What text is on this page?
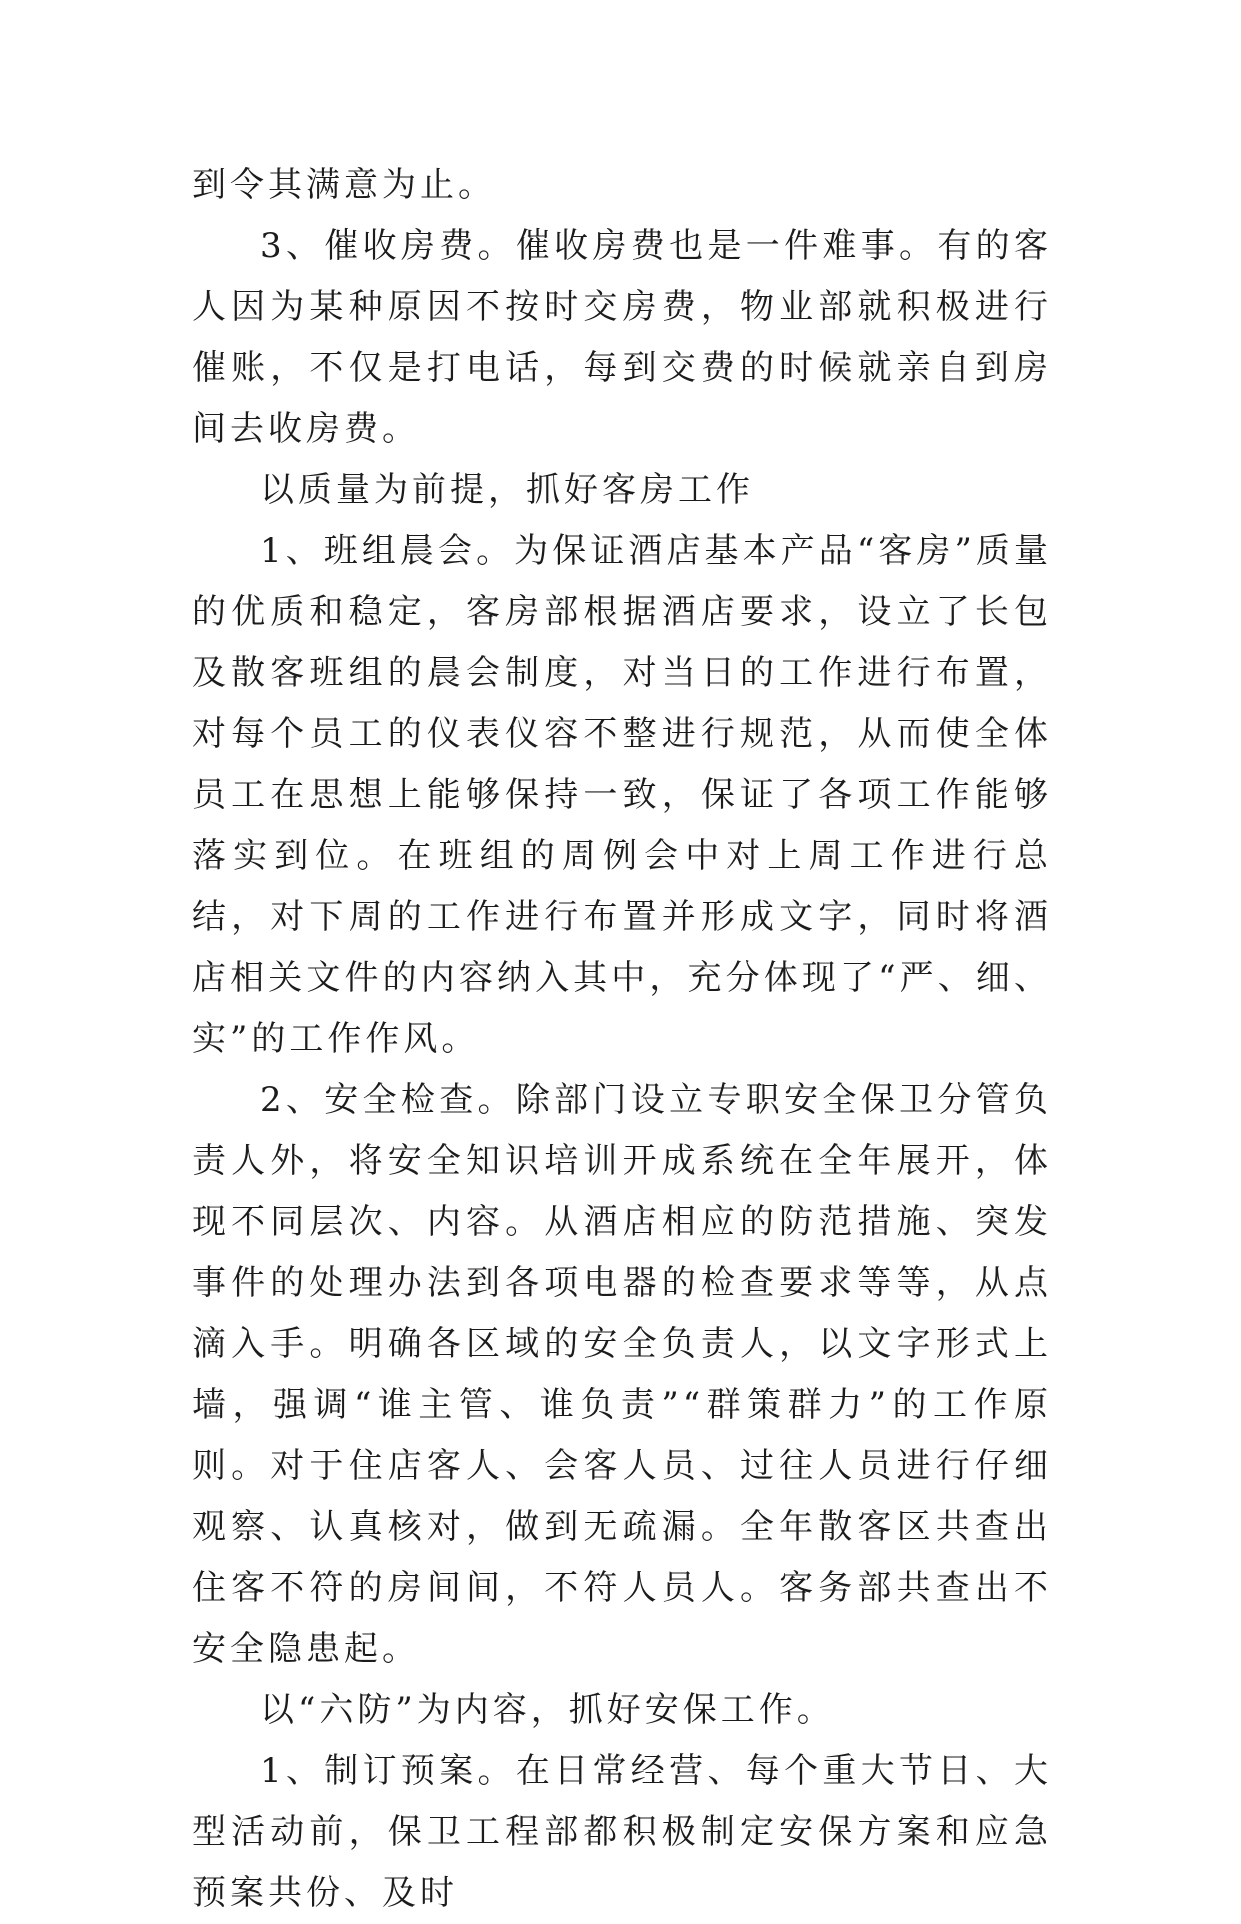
到令其满意为止。

3、催收房费。催收房费也是一件难事。有的客人因为某种原因不按时交房费，物业部就积极进行催账，不仅是打电话，每到交费的时候就亲自到房间去收房费。

以质量为前提，抓好客房工作

1、班组晨会。为保证酒店基本产品“客房”质量的优质和稳定，客房部根据酒店要求，设立了长包及散客班组的晨会制度，对当日的工作进行布置，对每个员工的仪表仪容不整进行规范，从而使全体员工在思想上能够保持一致，保证了各项工作能够落实到位。在班组的周例会中对上周工作进行总结，对下周的工作进行布置并形成文字，同时将酒店相关文件的内容纳入其中，充分体现了“严、细、实”的工作作风。

2、安全检查。除部门设立专职安全保卫分管负责人外，将安全知识培训开成系统在全年展开，体现不同层次、内容。从酒店相应的防范措施、突发事件的处理办法到各项电器的检查要求等等，从点滴入手。明确各区域的安全负责人，以文字形式上墙，强调“谁主管、谁负责”“群策群力”的工作原则。对于住店客人、会客人员、过往人员进行仔细观察、认真核对，做到无疏漏。全年散客区共查出住客不符的房间间，不符人员人。客务部共查出不安全隐患起。

以“六防”为内容，抓好安保工作。

1、制订预案。在日常经营、每个重大节日、大型活动前，保卫工程部都积极制定安保方案和应急预案共份、及时
